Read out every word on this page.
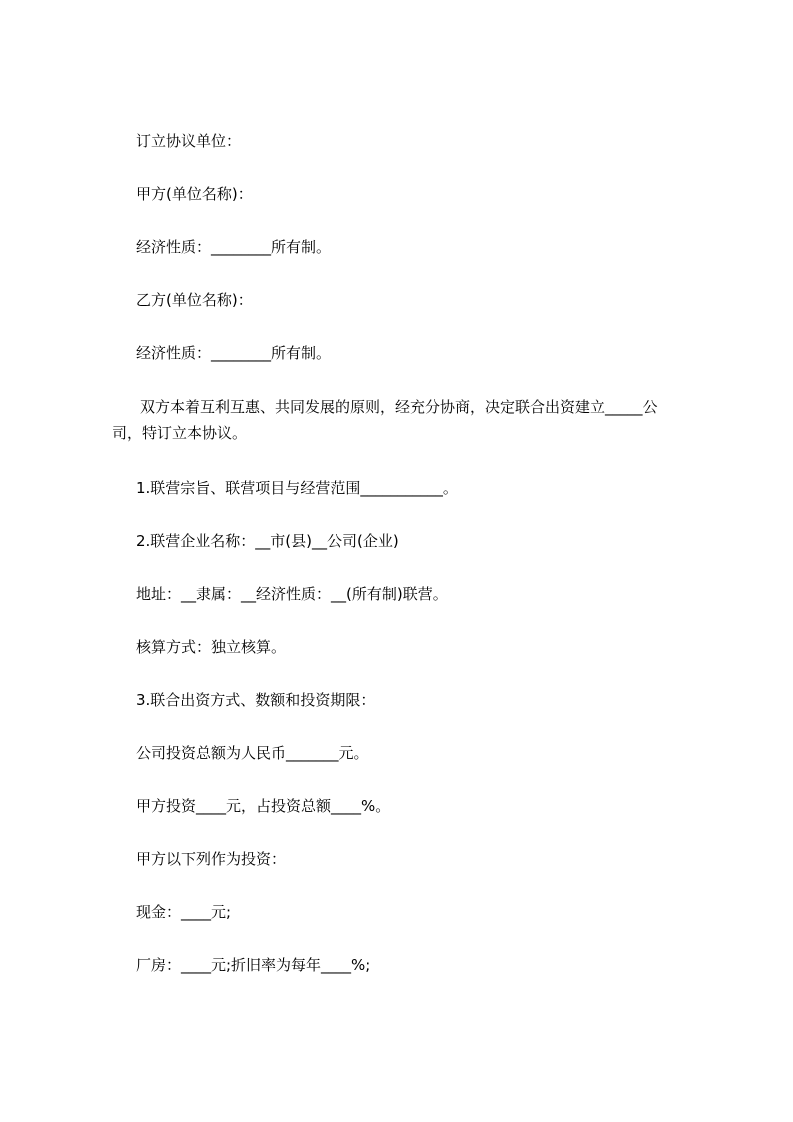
订立协议单位：

甲方(单位名称)：

经济性质：________所有制。

乙方(单位名称)：

经济性质：________所有制。

双方本着互利互惠、共同发展的原则，经充分协商，决定联合出资建立_____公
司，特订立本协议。

1.联营宗旨、联营项目与经营范围___________。

2.联营企业名称：__市(县)__公司(企业)

地址：__隶属：__经济性质：__(所有制)联营。

核算方式：独立核算。

3.联合出资方式、数额和投资期限：

公司投资总额为人民币_______元。

甲方投资____元，占投资总额____%。

甲方以下列作为投资：

现金：____元;

厂房：____元;折旧率为每年____%;
